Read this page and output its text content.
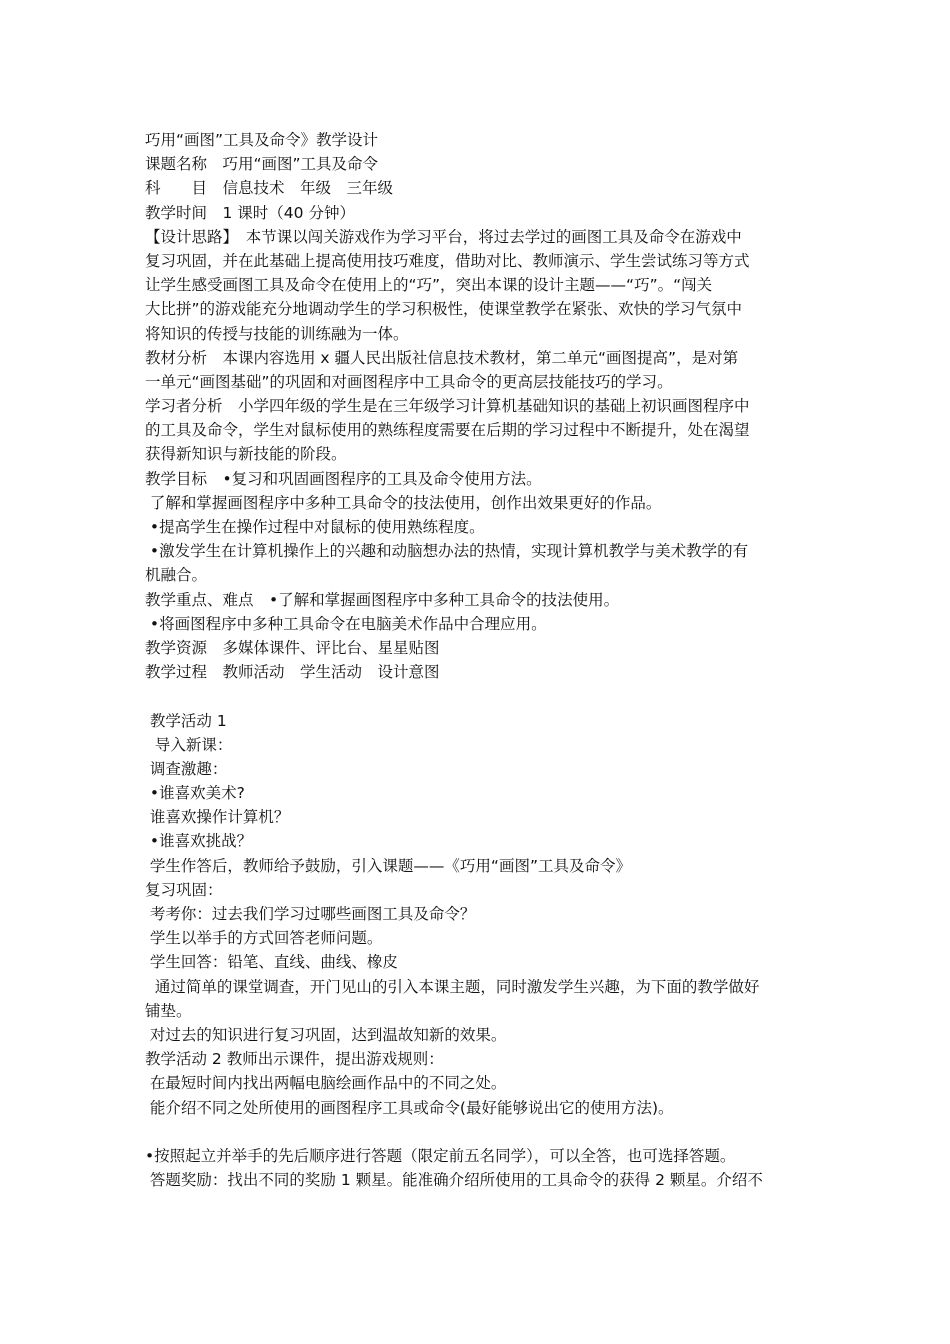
巧用“画图”工具及命令》教学设计
课题名称　巧用“画图”工具及命令
科　　目　信息技术　年级　三年级
教学时间　1 课时（40 分钟）
【设计思路】　本节课以闯关游戏作为学习平台，将过去学过的画图工具及命令在游戏中
复习巩固，并在此基础上提高使用技巧难度，借助对比、教师演示、学生尝试练习等方式
让学生感受画图工具及命令在使用上的“巧”，突出本课的设计主题——“巧”。“闯关
大比拼”的游戏能充分地调动学生的学习积极性，使课堂教学在紧张、欢快的学习气氛中
将知识的传授与技能的训练融为一体。
教材分析　本课内容选用 x 疆人民出版社信息技术教材，第二单元“画图提高”，是对第
一单元“画图基础”的巩固和对画图程序中工具命令的更高层技能技巧的学习。
学习者分析　小学四年级的学生是在三年级学习计算机基础知识的基础上初识画图程序中
的工具及命令，学生对鼠标使用的熟练程度需要在后期的学习过程中不断提升，处在渴望
获得新知识与新技能的阶段。
教学目标　•复习和巩固画图程序的工具及命令使用方法。
了解和掌握画图程序中多种工具命令的技法使用，创作出效果更好的作品。
•提高学生在操作过程中对鼠标的使用熟练程度。
•激发学生在计算机操作上的兴趣和动脑想办法的热情，实现计算机教学与美术教学的有
机融合。
教学重点、难点　•了解和掌握画图程序中多种工具命令的技法使用。
•将画图程序中多种工具命令在电脑美术作品中合理应用。
教学资源　多媒体课件、评比台、星星贴图
教学过程　教师活动　学生活动　设计意图
教学活动 1
导入新课：
调查激趣：
•谁喜欢美术?
谁喜欢操作计算机？
•谁喜欢挑战？
学生作答后，教师给予鼓励，引入课题——《巧用“画图”工具及命令》
复习巩固：
考考你：过去我们学习过哪些画图工具及命令？
学生以举手的方式回答老师问题。
学生回答：铅笔、直线、曲线、橡皮
通过简单的课堂调查，开门见山的引入本课主题，同时激发学生兴趣，为下面的教学做好
铺垫。
对过去的知识进行复习巩固，达到温故知新的效果。
教学活动 2 教师出示课件，提出游戏规则：
在最短时间内找出两幅电脑绘画作品中的不同之处。
能介绍不同之处所使用的画图程序工具或命令(最好能够说出它的使用方法)。
•按照起立并举手的先后顺序进行答题（限定前五名同学），可以全答，也可选择答题。
答题奖励：找出不同的奖励 1 颗星。能准确介绍所使用的工具命令的获得 2 颗星。介绍不
